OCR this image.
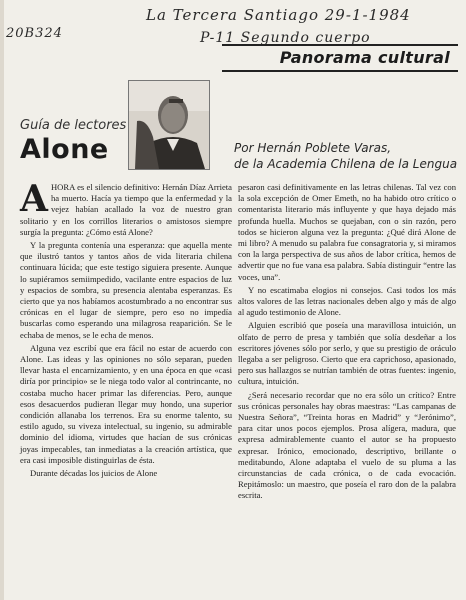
20B324
La Tercera Santiago 29-1-1984
P-11 Segundo cuerpo
Panorama cultural
Guía de lectores
Alone	Por Hernán Poblete Varas,
de la Academia Chilena de la Lengua

AHORA es el silencio definitivo: Hernán Díaz Arrieta ha muerto. Hacía ya tiempo que la enfermedad y la vejez habían acallado la voz de nuestro gran solitario y en los corrillos literarios o amistosos siempre surgía la pregunta: ¿Cómo está Alone?

Y la pregunta contenía una esperanza: que aquella mente que ilustró tantos y tantos años de vida literaria chilena continuara lúcida; que este testigo siguiera presente. Aunque lo supiéramos semiimpedido, vacilante entre espacios de luz y espacios de sombra, su presencia alentaba esperanzas. Es cierto que ya nos habíamos acostumbrado a no encontrar sus crónicas en el lugar de siempre, pero eso no impedía buscarlas como esperando una milagrosa reaparición. Se le echaba de menos, se le echa de menos.

Alguna vez escribí que era fácil no estar de acuerdo con Alone. Las ideas y las opiniones no sólo separan, pueden llevar hasta el encarnizamiento, y en una época en que «casi diría por principio» se le niega todo valor al contrincante, no costaba mucho hacer primar las diferencias. Pero, aunque esos desacuerdos pudieran llegar muy hondo, una superior condición allanaba los terrenos. Era su enorme talento, su estilo agudo, su viveza intelectual, su ingenio, su admirable dominio del idioma, virtudes que hacían de sus crónicas joyas impecables, tan inmediatas a la creación artística, que era casi imposible distinguirlas de ésta.

Durante décadas los juicios de Alone

pesaron casi definitivamente en las letras chilenas. Tal vez con la sola excepción de Omer Emeth, no ha habido otro crítico o comentarista literario más influyente y que haya dejado más profunda huella. Muchos se quejaban, con o sin razón, pero todos se hicieron alguna vez la pregunta: ¿Qué dirá Alone de mi libro? A menudo su palabra fue consagratoria y, si miramos con la larga perspectiva de sus años de labor crítica, hemos de advertir que no fue vana esa palabra. Sabía distinguir “entre las voces, una”.

Y no escatimaba elogios ni consejos. Casi todos los más altos valores de las letras nacionales deben algo y más de algo al agudo testimonio de Alone.

Alguien escribió que poseía una maravillosa intuición, un olfato de perro de presa y también que solía desdeñar a los escritores jóvenes sólo por serlo, y que su prestigio de oráculo llegaba a ser peligroso. Cierto que era caprichoso, apasionado, pero sus hallazgos se nutrían también de otras fuentes: ingenio, cultura, intuición.

¿Será necesario recordar que no era sólo un crítico? Entre sus crónicas personales hay obras maestras: “Las campanas de Nuestra Señora”, “Treinta horas en Madrid” y “Jerónimo”, para citar unos pocos ejemplos. Prosa alígera, madura, que expresa admirablemente cuanto el autor se ha propuesto expresar. Irónico, emocionado, descriptivo, brillante o meditabundo, Alone adaptaba el vuelo de su pluma a las circunstancias de cada crónica, o de cada evocación. Repitámoslo: un maestro, que poseía el raro don de la palabra escrita.
